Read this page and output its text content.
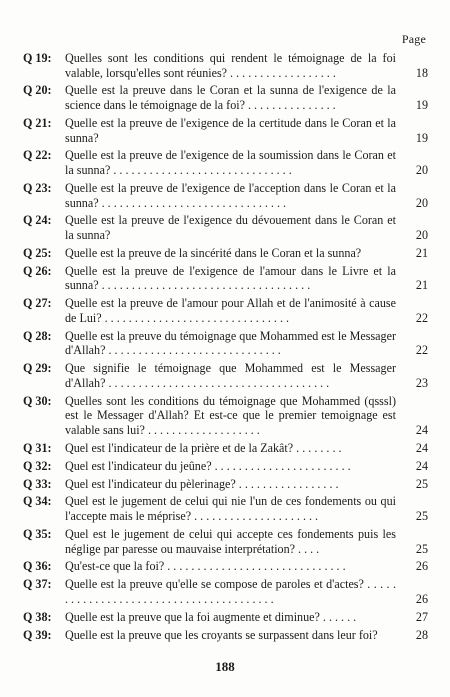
Page
Q 19:	Quelles sont les conditions qui rendent le témoignage de la foi valable, lorsqu'elles sont réunies? . . . . . . . . . . . . . . . . . .	18
Q 20:	Quelle est la preuve dans le Coran et la sunna de l'exigence de la science dans le témoignage de la foi? . . . . . . . . . . . . . . .	19
Q 21:	Quelle est la preuve de l'exigence de la certitude dans le Coran et la sunna?	19
Q 22:	Quelle est la preuve de l'exigence de la soumission dans le Coran et la sunna? . . . . . . . . . . . . . . . . . . . . . . . . . . . . . .	20
Q 23:	Quelle est la preuve de l'exigence de l'acception dans le Coran et la sunna? . . . . . . . . . . . . . . . . . . . . . . . . . . . . . . .	20
Q 24:	Quelle est la preuve de l'exigence du dévouement dans le Coran et la sunna?	20
Q 25:	Quelle est la preuve de la sincérité dans le Coran et la sunna?	21
Q 26:	Quelle est la preuve de l'exigence de l'amour dans le Livre et la sunna? . . . . . . . . . . . . . . . . . . . . . . . . . . . . . . . . . . .	21
Q 27:	Quelle est la preuve de l'amour pour Allah et de l'animosité à cause de Lui? . . . . . . . . . . . . . . . . . . . . . . . . . . . . . . .	22
Q 28:	Quelle est la preuve du témoignage que Mohammed est le Messager d'Allah? . . . . . . . . . . . . . . . . . . . . . . . . . . . . .	22
Q 29:	Que signifie le témoignage que Mohammed est le Messager d'Allah? . . . . . . . . . . . . . . . . . . . . . . . . . . . . . . . . . . . . .	23
Q 30:	Quelles sont les conditions du témoignage que Mohammed (qsssl) est le Messager d'Allah? Et est-ce que le premier temoignage est valable sans lui? . . . . . . . . . . . . . . . . . . .	24
Q 31:	Quel est l'indicateur de la prière et de la Zakât? . . . . . . . .	24
Q 32:	Quel est l'indicateur du jeûne? . . . . . . . . . . . . . . . . . . . . . . .	24
Q 33:	Quel est l'indicateur du pèlerinage? . . . . . . . . . . . . . . . . .	25
Q 34:	Quel est le jugement de celui qui nie l'un de ces fondements ou qui l'accepte mais le méprise? . . . . . . . . . . . . . . . . . . . . .	25
Q 35:	Quel est le jugement de celui qui accepte ces fondements puis les néglige par paresse ou mauvaise interprétation? . . . .	25
Q 36:	Qu'est-ce que la foi? . . . . . . . . . . . . . . . . . . . . . . . . . . . . . .	26
Q 37:	Quelle est la preuve qu'elle se compose de paroles et d'actes? . . . . . . . . . . . . . . . . . . . . . . . . . . . . . . . . . . . . . . . .	26
Q 38:	Quelle est la preuve que la foi augmente et diminue? . . . . . .	27
Q 39:	Quelle est la preuve que les croyants se surpassent dans leur foi?	28
188
